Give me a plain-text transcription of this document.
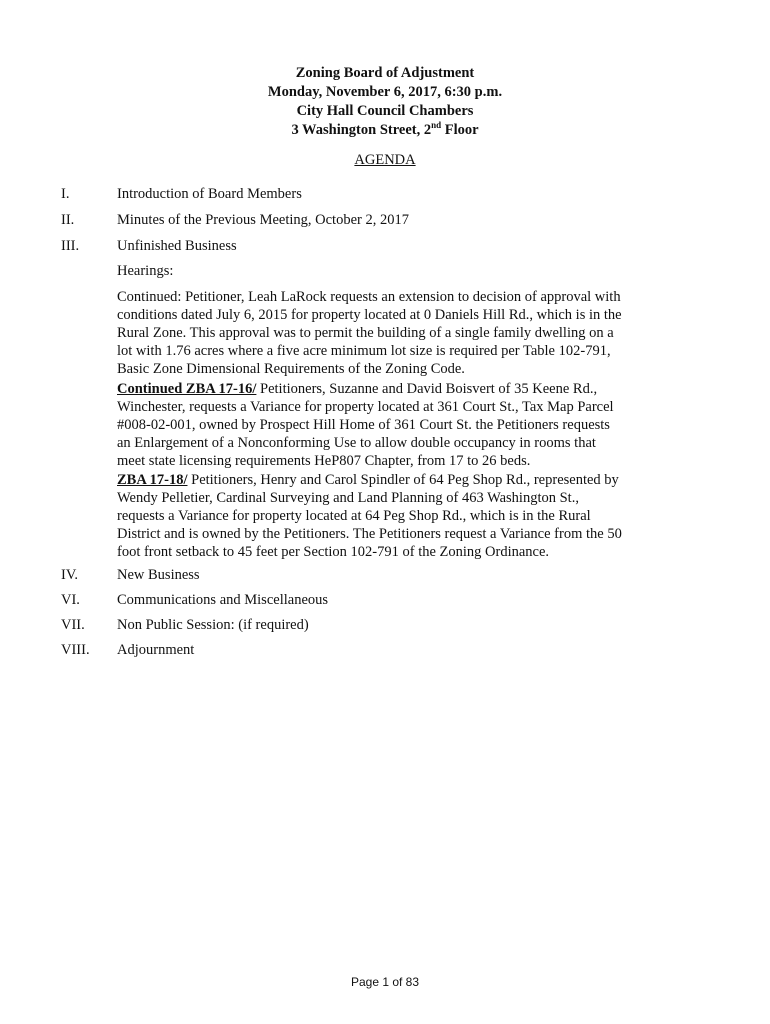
Zoning Board of Adjustment
Monday, November 6, 2017, 6:30 p.m.
City Hall Council Chambers
3 Washington Street, 2nd Floor
AGENDA
I.	Introduction of Board Members
II.	Minutes of the Previous Meeting, October 2, 2017
III.	Unfinished Business
Hearings:
Continued: Petitioner, Leah LaRock requests an extension to decision of approval with conditions dated July 6, 2015 for property located at 0 Daniels Hill Rd., which is in the Rural Zone. This approval was to permit the building of a single family dwelling on a lot with 1.76 acres where a five acre minimum lot size is required per Table 102-791, Basic Zone Dimensional Requirements of the Zoning Code.
Continued ZBA 17-16/ Petitioners, Suzanne and David Boisvert of 35 Keene Rd., Winchester, requests a Variance for property located at 361 Court St., Tax Map Parcel #008-02-001, owned by Prospect Hill Home of 361 Court St. the Petitioners requests an Enlargement of a Nonconforming Use to allow double occupancy in rooms that meet state licensing requirements HeP807 Chapter, from 17 to 26 beds.
ZBA 17-18/ Petitioners, Henry and Carol Spindler of 64 Peg Shop Rd., represented by Wendy Pelletier, Cardinal Surveying and Land Planning of 463 Washington St., requests a Variance for property located at 64 Peg Shop Rd., which is in the Rural District and is owned by the Petitioners. The Petitioners request a Variance from the 50 foot front setback to 45 feet per Section 102-791 of the Zoning Ordinance.
IV.	New Business
VI.	Communications and Miscellaneous
VII. Non Public Session: (if required)
VIII. Adjournment
Page 1 of 83
